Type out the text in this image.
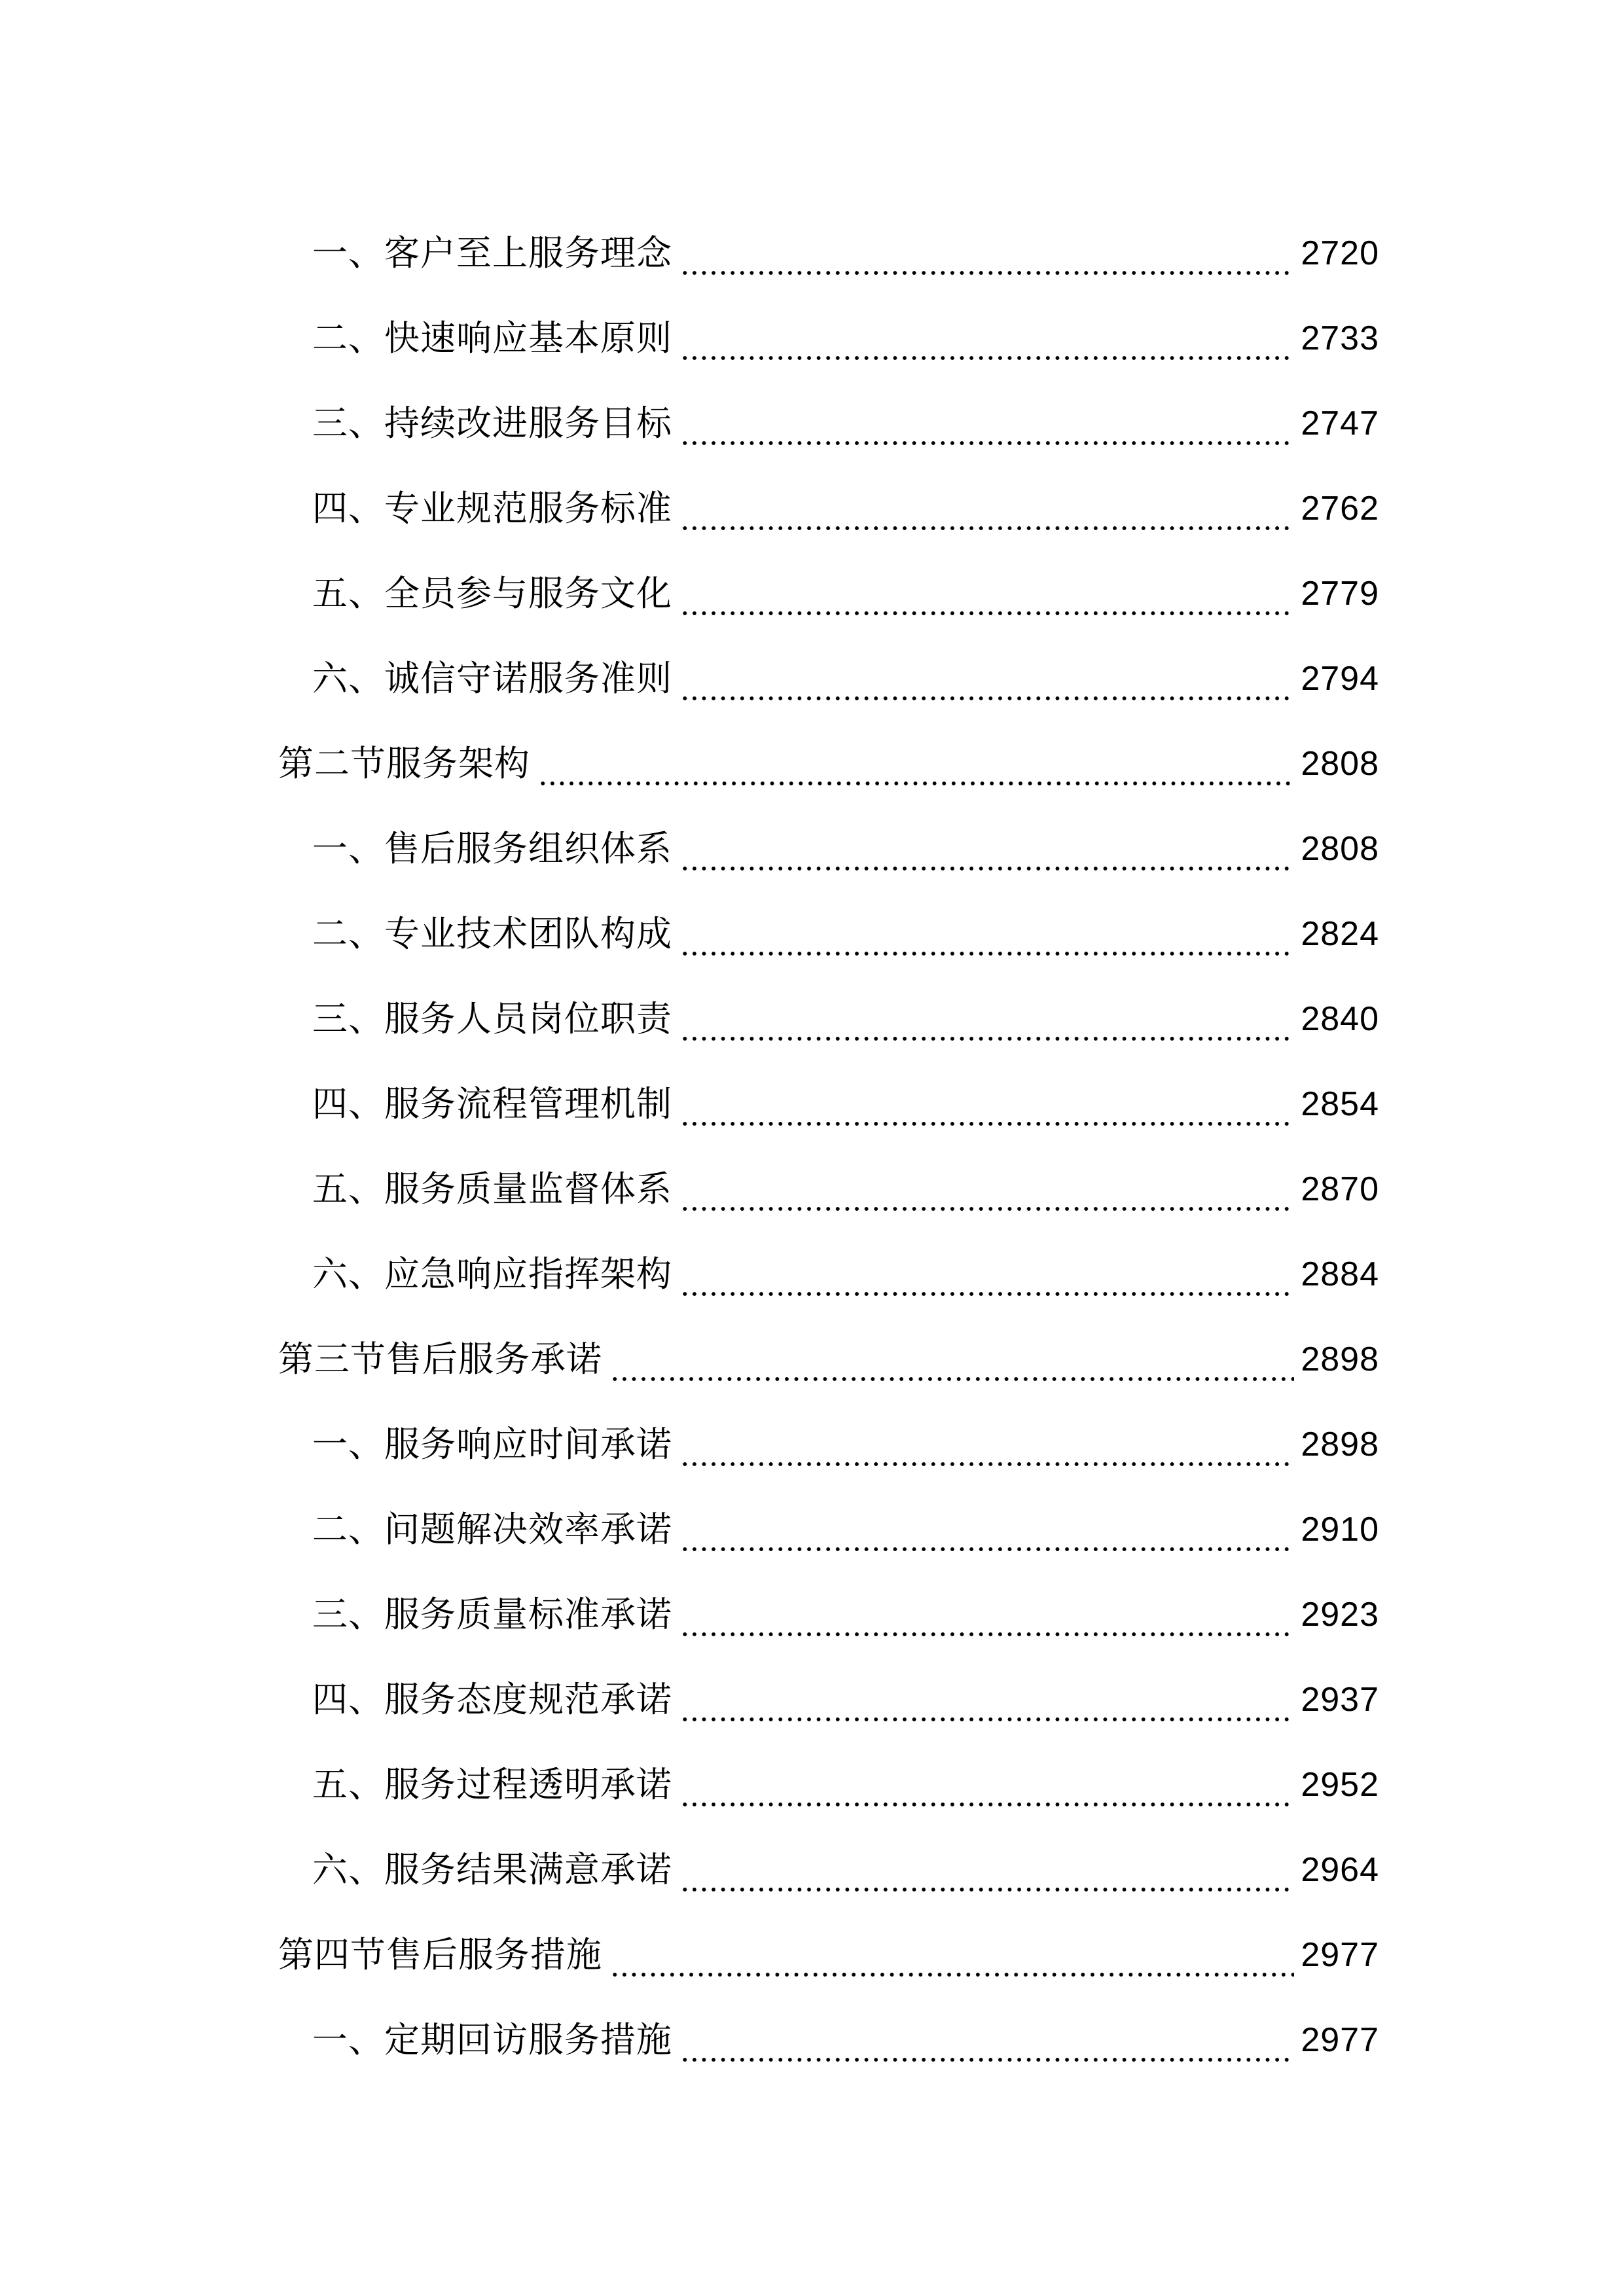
一、客户至上服务理念	2720
二、快速响应基本原则	2733
三、持续改进服务目标	2747
四、专业规范服务标准	2762
五、全员参与服务文化	2779
六、诚信守诺服务准则	2794
第二节服务架构	2808
一、售后服务组织体系	2808
二、专业技术团队构成	2824
三、服务人员岗位职责	2840
四、服务流程管理机制	2854
五、服务质量监督体系	2870
六、应急响应指挥架构	2884
第三节售后服务承诺	2898
一、服务响应时间承诺	2898
二、问题解决效率承诺	2910
三、服务质量标准承诺	2923
四、服务态度规范承诺	2937
五、服务过程透明承诺	2952
六、服务结果满意承诺	2964
第四节售后服务措施	2977
一、定期回访服务措施	2977
